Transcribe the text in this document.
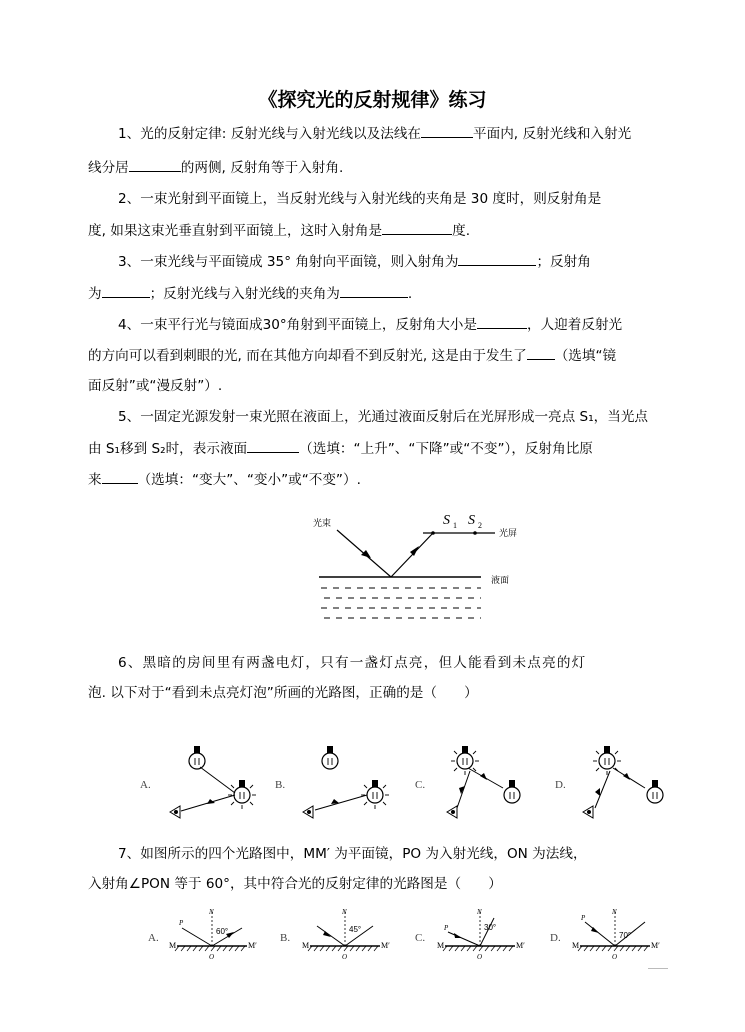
《探究光的反射规律》练习
1、光的反射定律: 反射光线与入射光线以及法线在	平面内, 反射光线和入射光
线分居	的两侧, 反射角等于入射角.
2、一束光射到平面镜上，当反射光线与入射光线的夹角是 30 度时，则反射角是
度, 如果这束光垂直射到平面镜上，这时入射角是	度.
3、一束光线与平面镜成 35° 角射向平面镜，则入射角为	；反射角
为	；反射光线与入射光线的夹角为	.
4、一束平行光与镜面成30°角射到平面镜上，反射角大小是	，人迎着反射光
的方向可以看到刺眼的光, 而在其他方向却看不到反射光, 这是由于发生了 （选填“镜
面反射”或“漫反射”）.
5、一固定光源发射一束光照在液面上，光通过液面反射后在光屏形成一亮点 S₁，当光点
由 S₁移到 S₂时，表示液面	（选填：“上升”、“下降”或“不变”），反射角比原
来	（选填：“变大”、“变小”或“不变”）.
光束	S 1 S 2
光屏
液面
6、黑暗的房间里有两盏电灯，只有一盏灯点亮，但人能看到未点亮的灯
泡. 以下对于“看到未点亮灯泡”所画的光路图，正确的是（　　）
A.	B.	C.	D.
7、如图所示的四个光路图中，MM′ 为平面镜，PO 为入射光线，ON 为法线，
入射角∠PON 等于 60°，其中符合光的反射定律的光路图是（　　）
A.
P
N
60°
M	M′
O
B.
N
45°
M	M′
O
C.
P
N
30°
M	M′
O
D.
P
N
70°
M	M′
O
